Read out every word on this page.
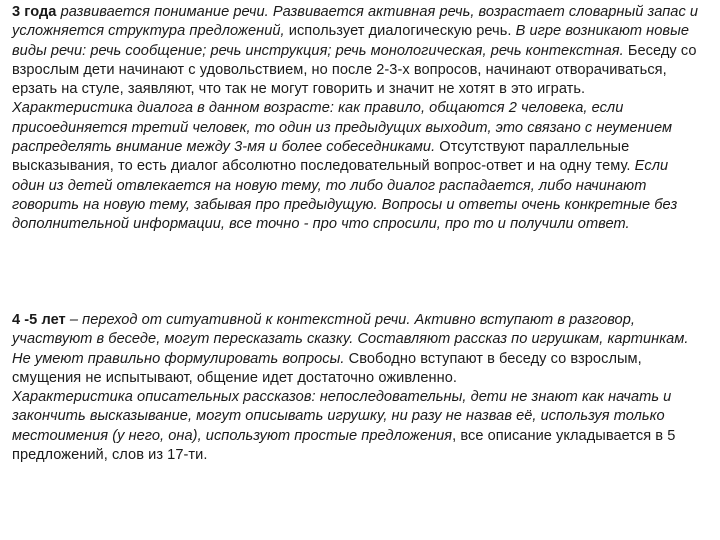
3 года развивается понимание речи. Развивается активная речь, возрастает словарный запас и усложняется структура предложений, использует диалогическую речь. В игре возникают новые виды речи: речь сообщение; речь инструкция; речь монологическая, речь контекстная. Беседу со взрослым дети начинают с удовольствием, но после 2-3-х вопросов, начинают отворачиваться, ерзать на стуле, заявляют, что так не могут говорить и значит не хотят в это играть.
Характеристика диалога в данном возрасте: как правило, общаются 2 человека, если присоединяется третий человек, то один из предыдущих выходит, это связано с неумением распределять внимание между 3-мя и более собеседниками. Отсутствуют параллельные высказывания, то есть диалог абсолютно последовательный вопрос-ответ и на одну тему. Если один из детей отвлекается на новую тему, то либо диалог распадается, либо начинают говорить на новую тему, забывая про предыдущую. Вопросы и ответы очень конкретные без дополнительной информации, все точно - про что спросили, про то и получили ответ.
4 -5 лет – переход от ситуативной к контекстной речи. Активно вступают в разговор, участвуют в беседе, могут пересказать сказку. Составляют рассказ по игрушкам, картинкам. Не умеют правильно формулировать вопросы. Свободно вступают в беседу со взрослым, смущения не испытывают, общение идет достаточно оживленно.
Характеристика описательных рассказов: непоследовательны, дети не знают как начать и закончить высказывание, могут описывать игрушку, ни разу не назвав её, используя только местоимения (у него, она), используют простые предложения, все описание укладывается в 5 предложений, слов из 17-ти.
